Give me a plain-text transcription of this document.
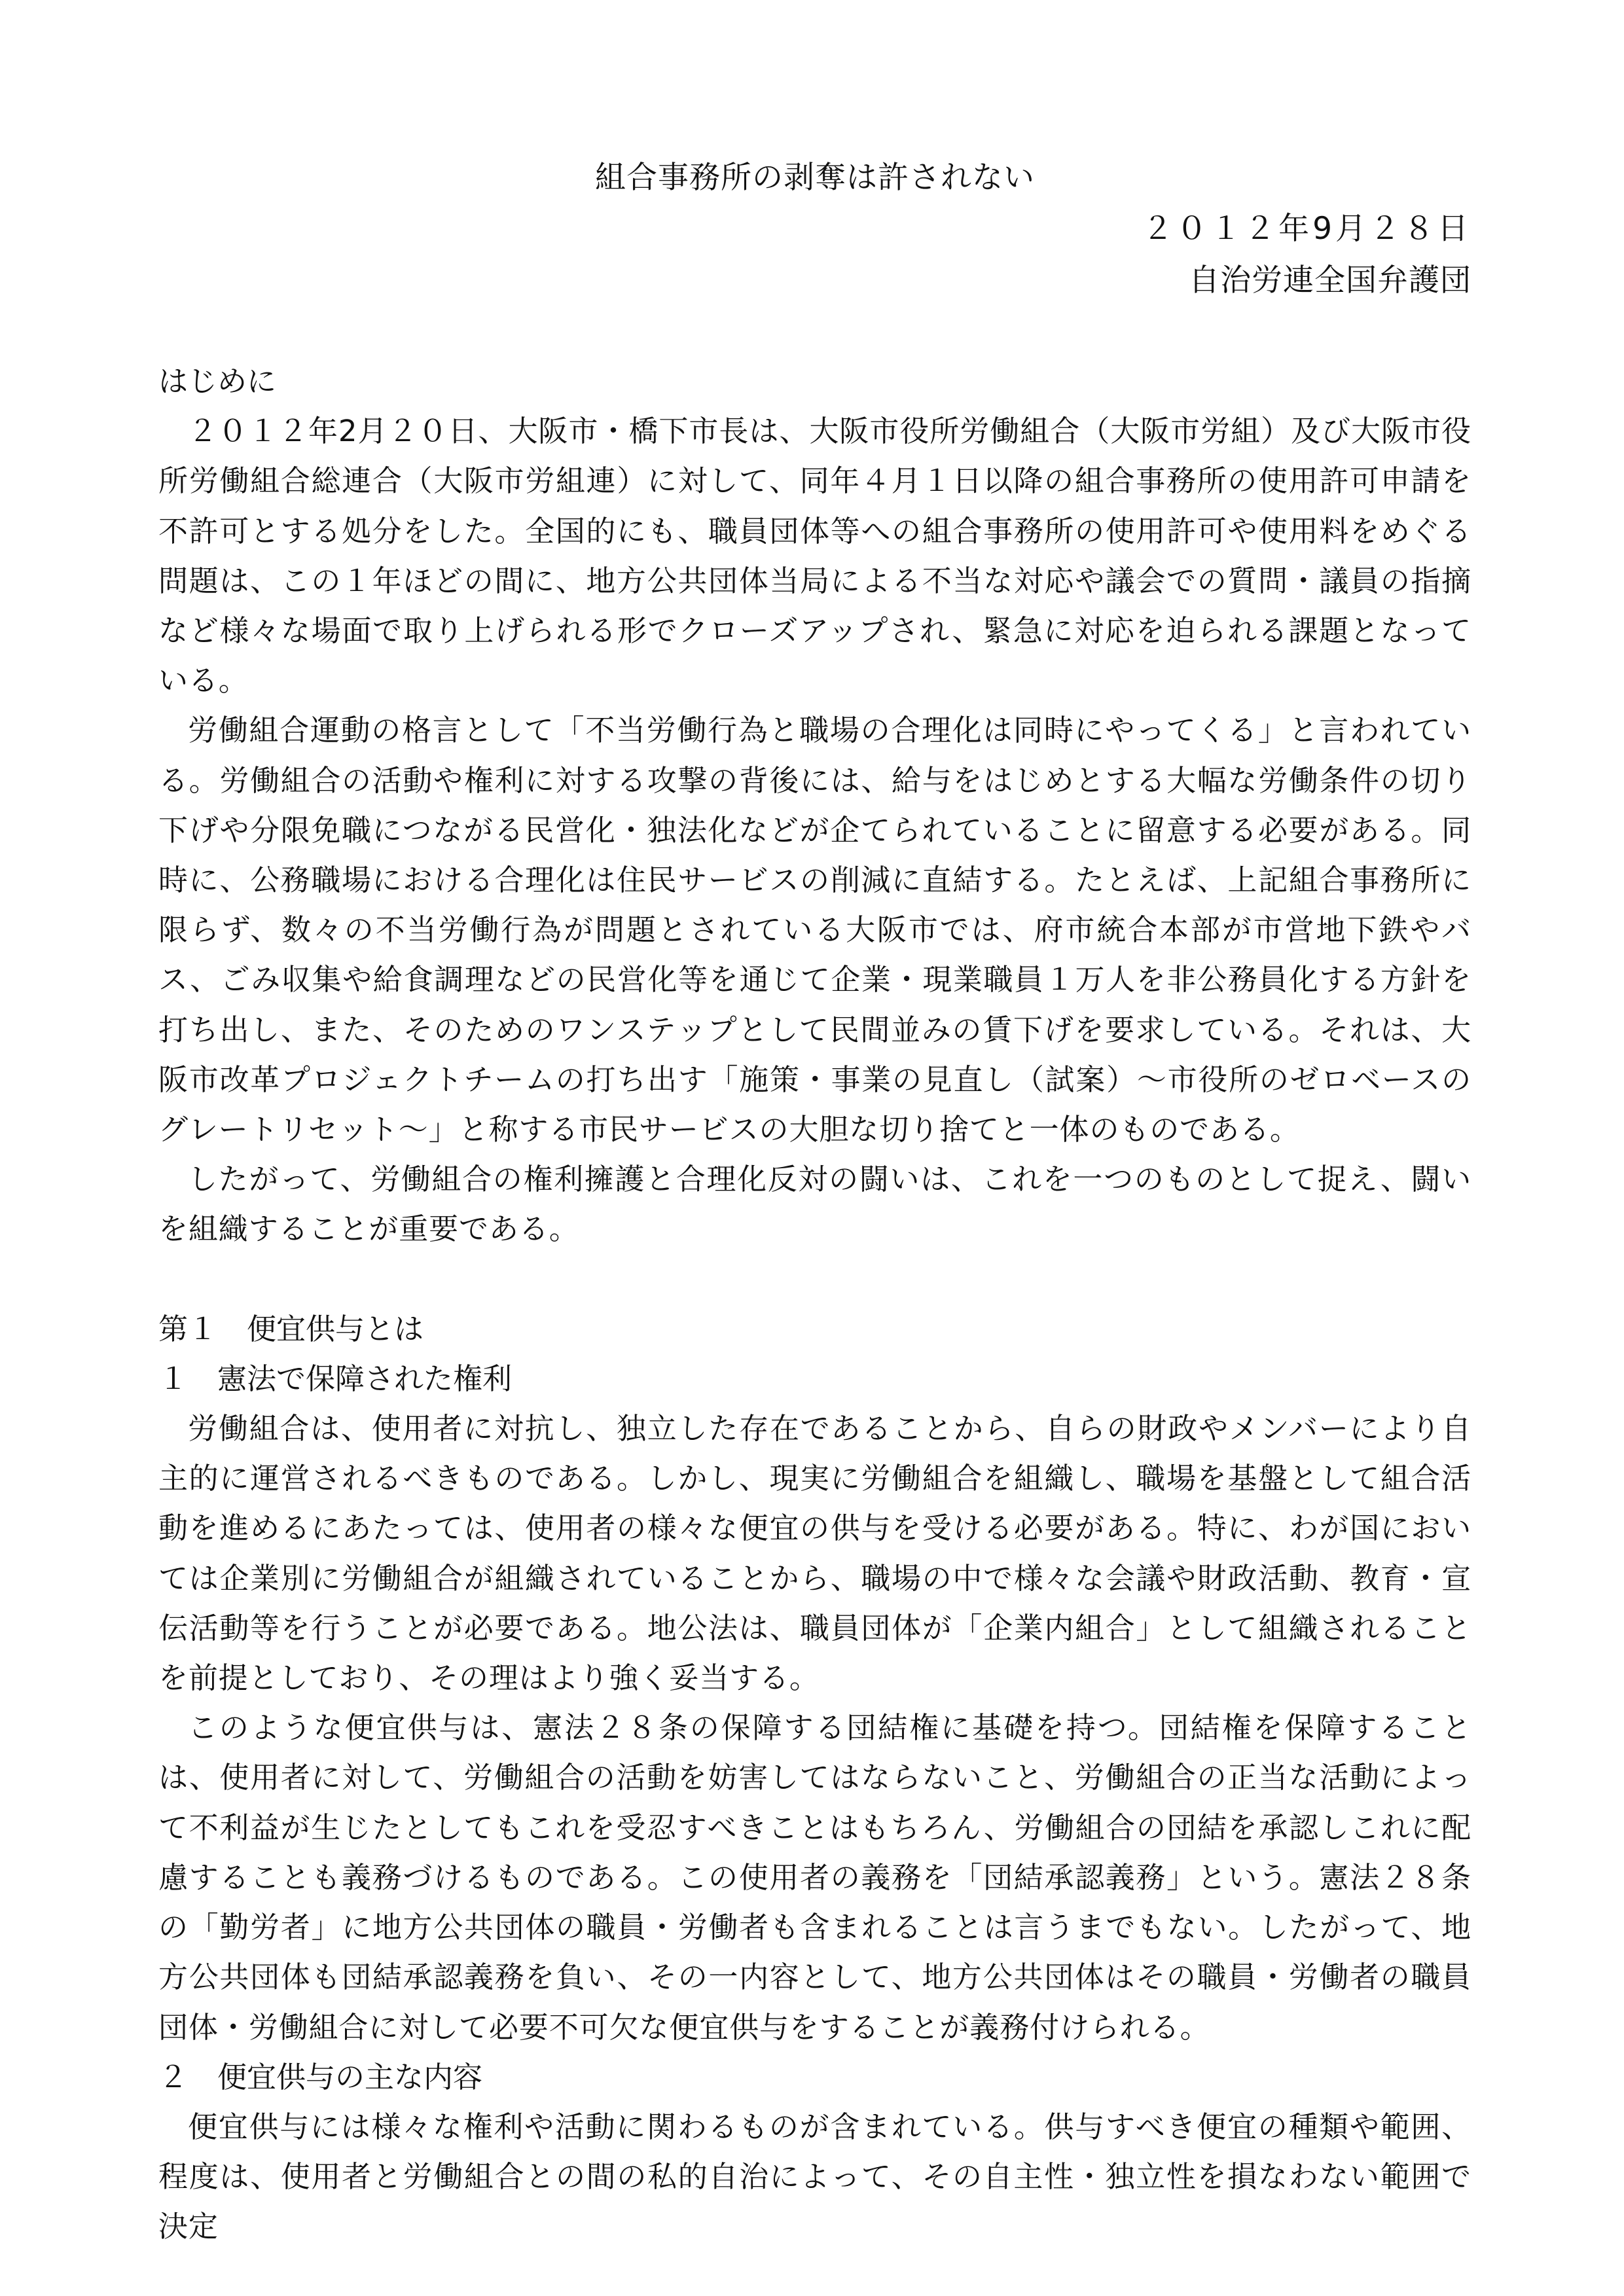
組合事務所の剥奪は許されない
２０１２年9月２８日
自治労連全国弁護団

はじめに

２０１２年2月２０日、大阪市・橋下市長は、大阪市役所労働組合（大阪市労組）及び大阪市役所労働組合総連合（大阪市労組連）に対して、同年４月１日以降の組合事務所の使用許可申請を不許可とする処分をした。全国的にも、職員団体等への組合事務所の使用許可や使用料をめぐる問題は、この１年ほどの間に、地方公共団体当局による不当な対応や議会での質問・議員の指摘など様々な場面で取り上げられる形でクローズアップされ、緊急に対応を迫られる課題となっている。

労働組合運動の格言として「不当労働行為と職場の合理化は同時にやってくる」と言われている。労働組合の活動や権利に対する攻撃の背後には、給与をはじめとする大幅な労働条件の切り下げや分限免職につながる民営化・独法化などが企てられていることに留意する必要がある。同時に、公務職場における合理化は住民サービスの削減に直結する。たとえば、上記組合事務所に限らず、数々の不当労働行為が問題とされている大阪市では、府市統合本部が市営地下鉄やバス、ごみ収集や給食調理などの民営化等を通じて企業・現業職員１万人を非公務員化する方針を打ち出し、また、そのためのワンステップとして民間並みの賃下げを要求している。それは、大阪市改革プロジェクトチームの打ち出す「施策・事業の見直し（試案）～市役所のゼロベースのグレートリセット～」と称する市民サービスの大胆な切り捨てと一体のものである。

したがって、労働組合の権利擁護と合理化反対の闘いは、これを一つのものとして捉え、闘いを組織することが重要である。

第１　便宜供与とは

１　憲法で保障された権利

労働組合は、使用者に対抗し、独立した存在であることから、自らの財政やメンバーにより自主的に運営されるべきものである。しかし、現実に労働組合を組織し、職場を基盤として組合活動を進めるにあたっては、使用者の様々な便宜の供与を受ける必要がある。特に、わが国においては企業別に労働組合が組織されていることから、職場の中で様々な会議や財政活動、教育・宣伝活動等を行うことが必要である。地公法は、職員団体が「企業内組合」として組織されることを前提としており、その理はより強く妥当する。

このような便宜供与は、憲法２８条の保障する団結権に基礎を持つ。団結権を保障することは、使用者に対して、労働組合の活動を妨害してはならないこと、労働組合の正当な活動によって不利益が生じたとしてもこれを受忍すべきことはもちろん、労働組合の団結を承認しこれに配慮することも義務づけるものである。この使用者の義務を「団結承認義務」という。憲法２８条の「勤労者」に地方公共団体の職員・労働者も含まれることは言うまでもない。したがって、地方公共団体も団結承認義務を負い、その一内容として、地方公共団体はその職員・労働者の職員団体・労働組合に対して必要不可欠な便宜供与をすることが義務付けられる。

２　便宜供与の主な内容

便宜供与には様々な権利や活動に関わるものが含まれている。供与すべき便宜の種類や範囲、程度は、使用者と労働組合との間の私的自治によって、その自主性・独立性を損なわない範囲で決定
